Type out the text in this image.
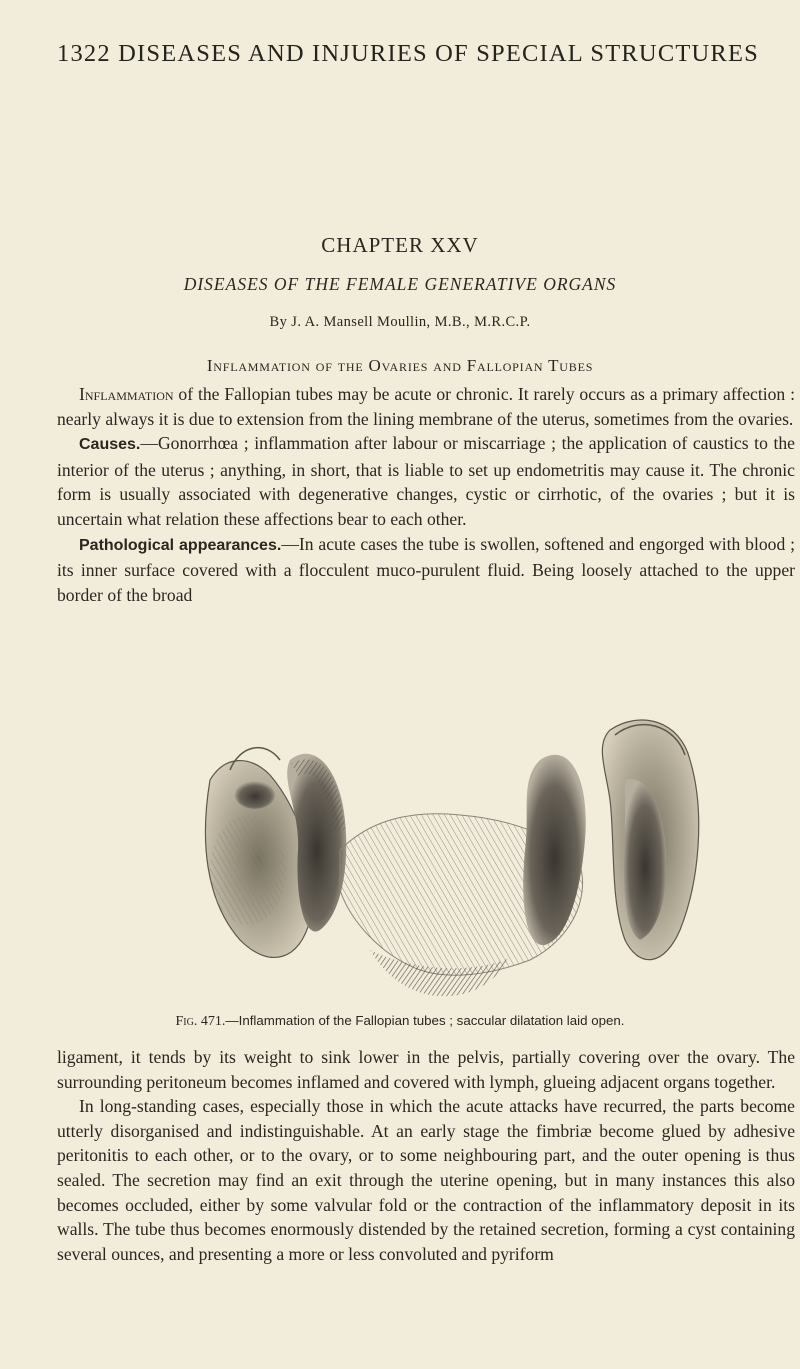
1322 DISEASES AND INJURIES OF SPECIAL STRUCTURES
CHAPTER XXV
DISEASES OF THE FEMALE GENERATIVE ORGANS
By J. A. Mansell Moullin, M.B., M.R.C.P.
Inflammation of the Ovaries and Fallopian Tubes

Inflammation of the Fallopian tubes may be acute or chronic. It rarely occurs as a primary affection : nearly always it is due to extension from the lining membrane of the uterus, sometimes from the ovaries.

Causes.—Gonorrhœa ; inflammation after labour or miscarriage ; the application of caustics to the interior of the uterus ; anything, in short, that is liable to set up endometritis may cause it. The chronic form is usually associated with degenerative changes, cystic or cirrhotic, of the ovaries ; but it is uncertain what relation these affections bear to each other.

Pathological appearances.—In acute cases the tube is swollen, softened and engorged with blood ; its inner surface covered with a flocculent muco-purulent fluid. Being loosely attached to the upper border of the broad

Fig. 471.—Inflammation of the Fallopian tubes ; saccular dilatation laid open.

ligament, it tends by its weight to sink lower in the pelvis, partially covering over the ovary. The surrounding peritoneum becomes inflamed and covered with lymph, glueing adjacent organs together.

In long-standing cases, especially those in which the acute attacks have recurred, the parts become utterly disorganised and indistinguishable. At an early stage the fimbriæ become glued by adhesive peritonitis to each other, or to the ovary, or to some neighbouring part, and the outer opening is thus sealed. The secretion may find an exit through the uterine opening, but in many instances this also becomes occluded, either by some valvular fold or the contraction of the inflammatory deposit in its walls. The tube thus becomes enormously distended by the retained secretion, forming a cyst containing several ounces, and presenting a more or less convoluted and pyriform
